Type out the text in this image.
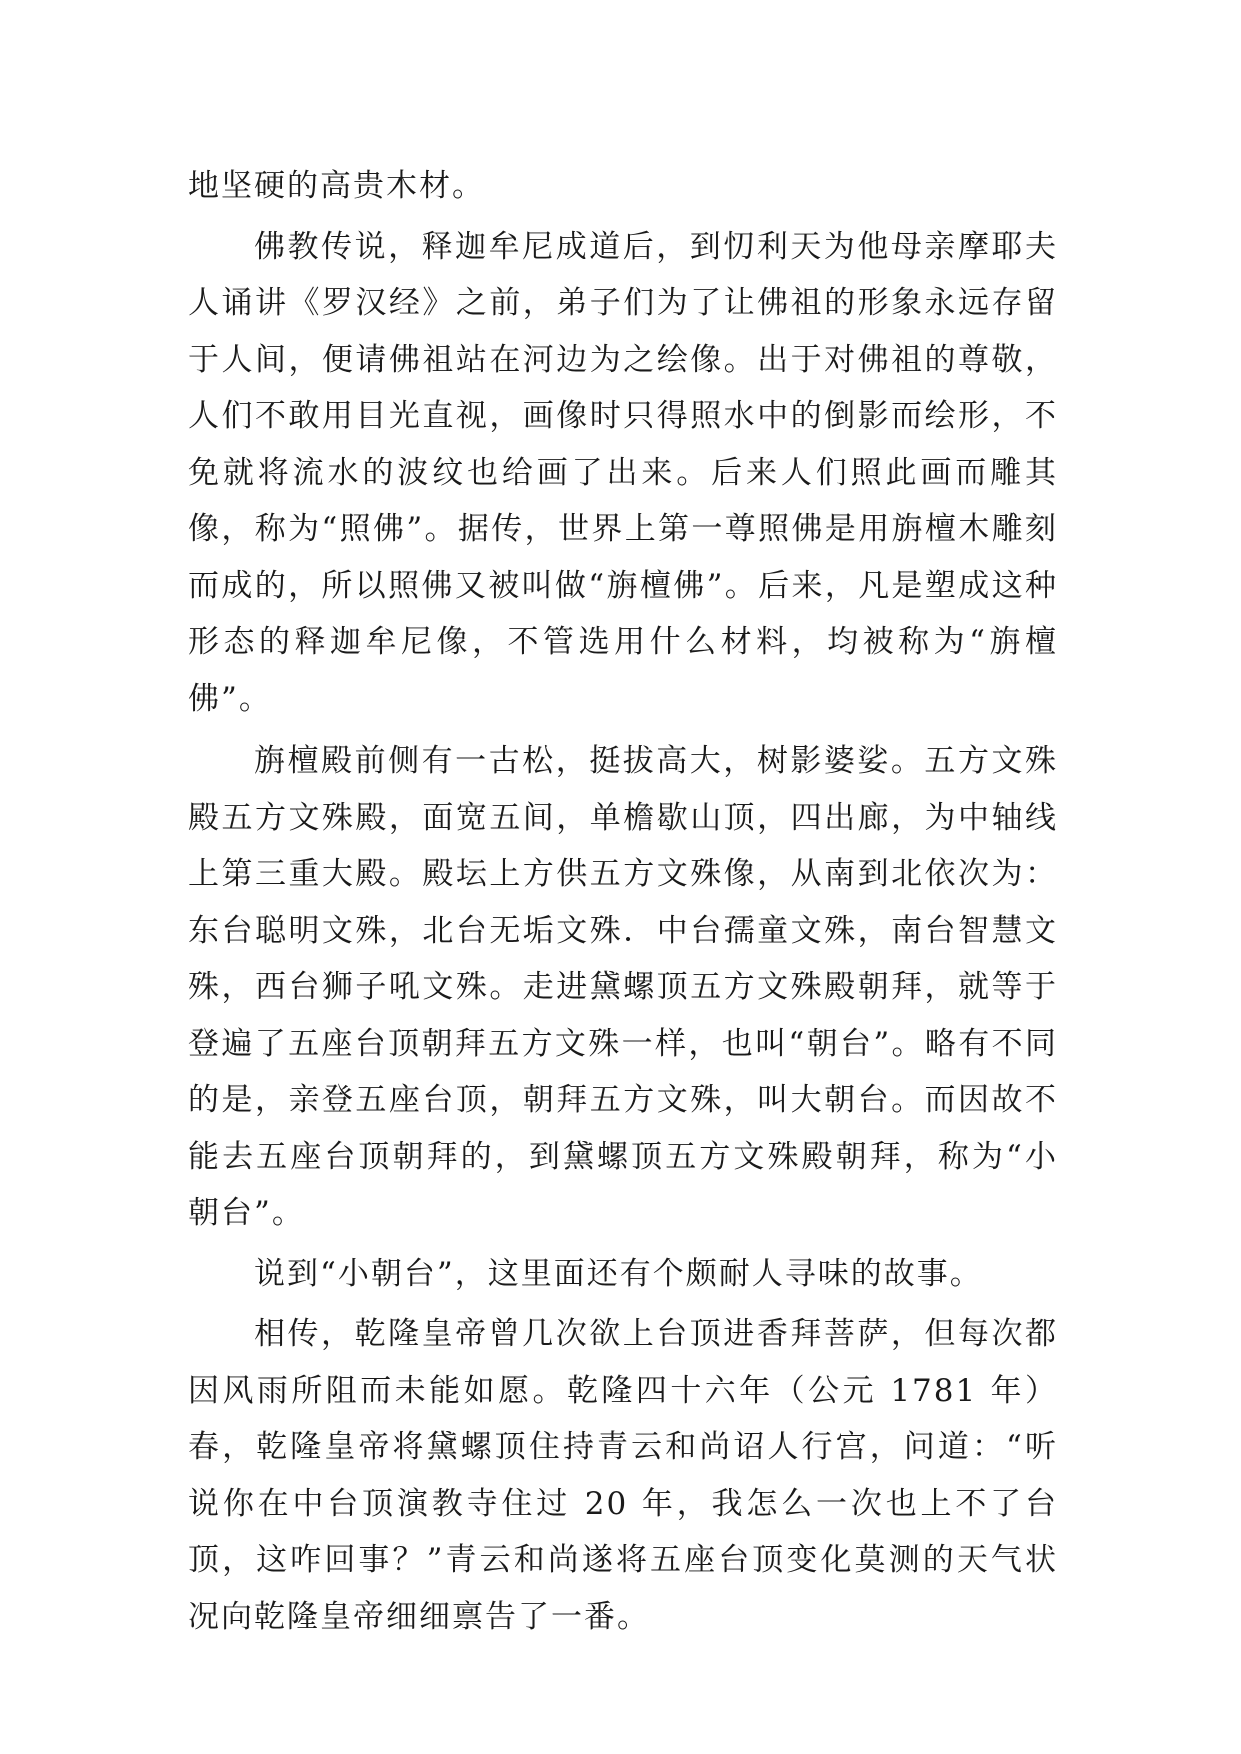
地坚硬的高贵木材。

佛教传说，释迦牟尼成道后，到忉利天为他母亲摩耶夫人诵讲《罗汉经》之前，弟子们为了让佛祖的形象永远存留于人间，便请佛祖站在河边为之绘像。出于对佛祖的尊敬，人们不敢用目光直视，画像时只得照水中的倒影而绘形，不免就将流水的波纹也给画了出来。后来人们照此画而雕其像，称为“照佛”。据传，世界上第一尊照佛是用旃檀木雕刻而成的，所以照佛又被叫做“旃檀佛”。后来，凡是塑成这种形态的释迦牟尼像，不管选用什么材料，均被称为“旃檀佛”。

旃檀殿前侧有一古松，挺拔高大，树影婆娑。五方文殊殿五方文殊殿，面宽五间，单檐歇山顶，四出廊，为中轴线上第三重大殿。殿坛上方供五方文殊像，从南到北依次为：东台聪明文殊，北台无垢文殊．中台孺童文殊，南台智慧文殊，西台狮子吼文殊。走进黛螺顶五方文殊殿朝拜，就等于登遍了五座台顶朝拜五方文殊一样，也叫“朝台”。略有不同的是，亲登五座台顶，朝拜五方文殊，叫大朝台。而因故不能去五座台顶朝拜的，到黛螺顶五方文殊殿朝拜，称为“小朝台”。

说到“小朝台”，这里面还有个颇耐人寻味的故事。

相传，乾隆皇帝曾几次欲上台顶进香拜菩萨，但每次都因风雨所阻而未能如愿。乾隆四十六年（公元 1781 年）春，乾隆皇帝将黛螺顶住持青云和尚诏人行宫，问道：“听说你在中台顶演教寺住过 20 年，我怎么一次也上不了台顶，这咋回事？”青云和尚遂将五座台顶变化莫测的天气状况向乾隆皇帝细细禀告了一番。
